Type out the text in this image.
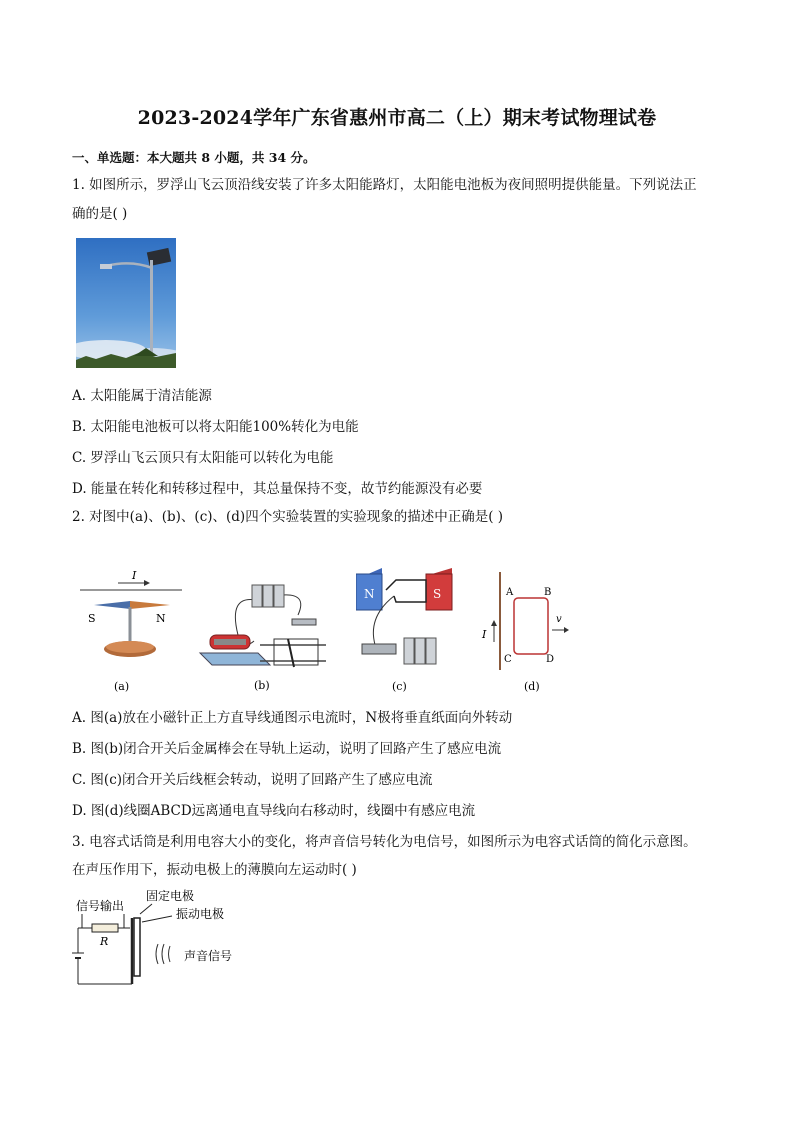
2023-2024学年广东省惠州市高二（上）期末考试物理试卷
一、单选题：本大题共 8 小题，共 34 分。
1. 如图所示，罗浮山飞云顶沿线安装了许多太阳能路灯，太阳能电池板为夜间照明提供能量。下列说法正
确的是( )
A. 太阳能属于清洁能源
B. 太阳能电池板可以将太阳能100%转化为电能
C. 罗浮山飞云顶只有太阳能可以转化为电能
D. 能量在转化和转移过程中，其总量保持不变，故节约能源没有必要
2. 对图中(a)、(b)、(c)、(d)四个实验装置的实验现象的描述中正确是( )
I
S	N
(a)	(b)
N	S
(c)
I
A	B
C	D
v
(d)
A. 图(a)放在小磁针正上方直导线通图示电流时，N极将垂直纸面向外转动
B. 图(b)闭合开关后金属棒会在导轨上运动，说明了回路产生了感应电流
C. 图(c)闭合开关后线框会转动，说明了回路产生了感应电流
D. 图(d)线圈ABCD远离通电直导线向右移动时，线圈中有感应电流
3. 电容式话筒是利用电容大小的变化，将声音信号转化为电信号，如图所示为电容式话筒的简化示意图。
在声压作用下，振动电极上的薄膜向左运动时( )
信号输出
固定电极
振动电极
R
声音信号
